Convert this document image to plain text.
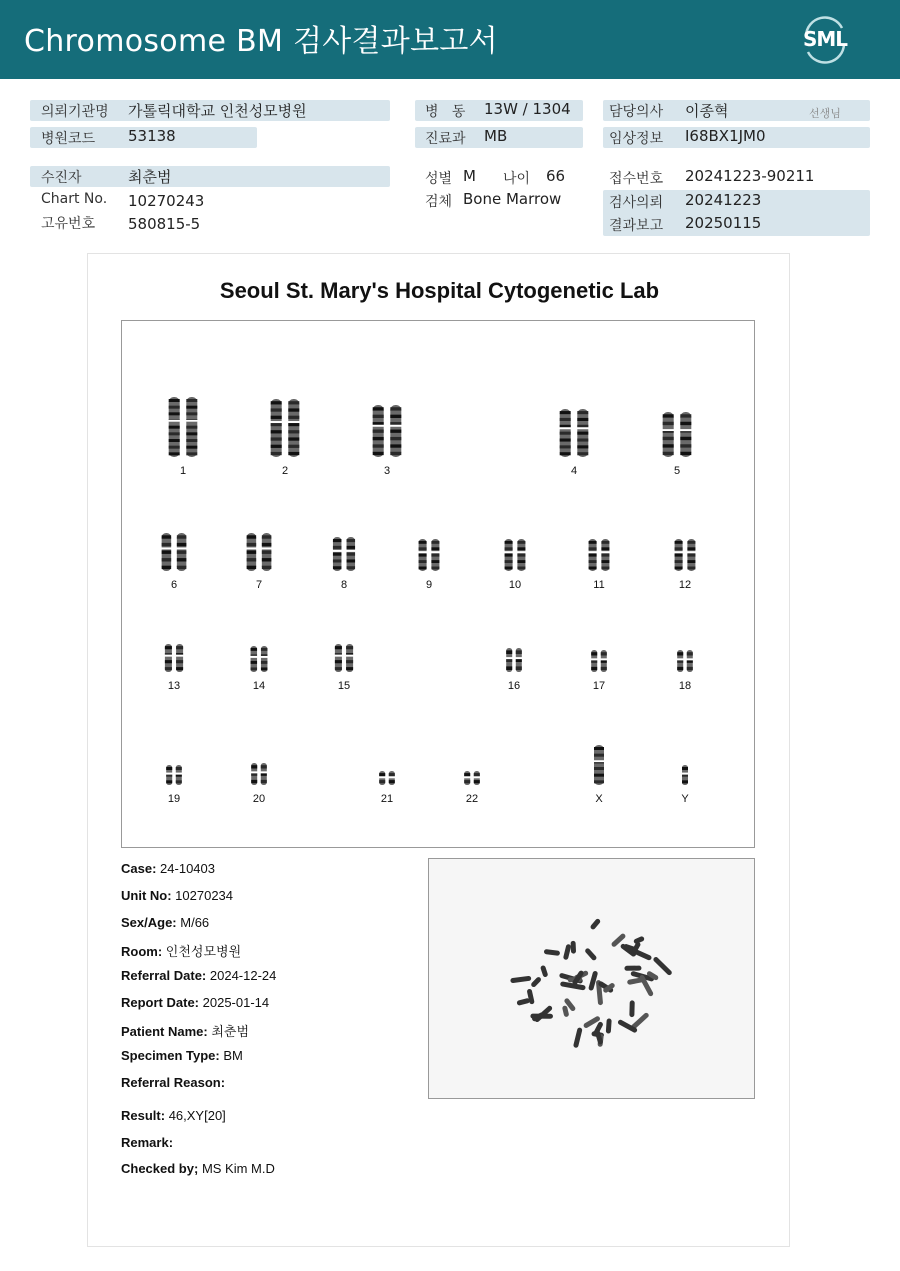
Chromosome BM 검사결과보고서	SML
의뢰기관명 가톨릭대학교 인천성모병원
병원코드 53138
병   동 13W / 1304
진료과 MB
담당의사 이종혁	선생님
임상정보 I68BX1JM0
수진자	최춘범
Chart No. 10270243
고유번호 580815-5
성별 M 나이 66
검체 Bone Marrow
접수번호 20241223-90211
검사의뢰 20241223
결과보고 20250115
Seoul St. Mary's Hospital Cytogenetic Lab
1	2	3	4	5
6	7	8	9	10	11	12
13	14	15	16	17	18
19	20	21	22	X	Y
Case: 24-10403
Unit No: 10270234
Sex/Age: M/66
Room: 인천성모병원
Referral Date: 2024-12-24
Report Date: 2025-01-14
Patient Name: 최춘범
Specimen Type: BM
Referral Reason:
Result: 46,XY[20]
Remark:
Checked by; MS Kim M.D
